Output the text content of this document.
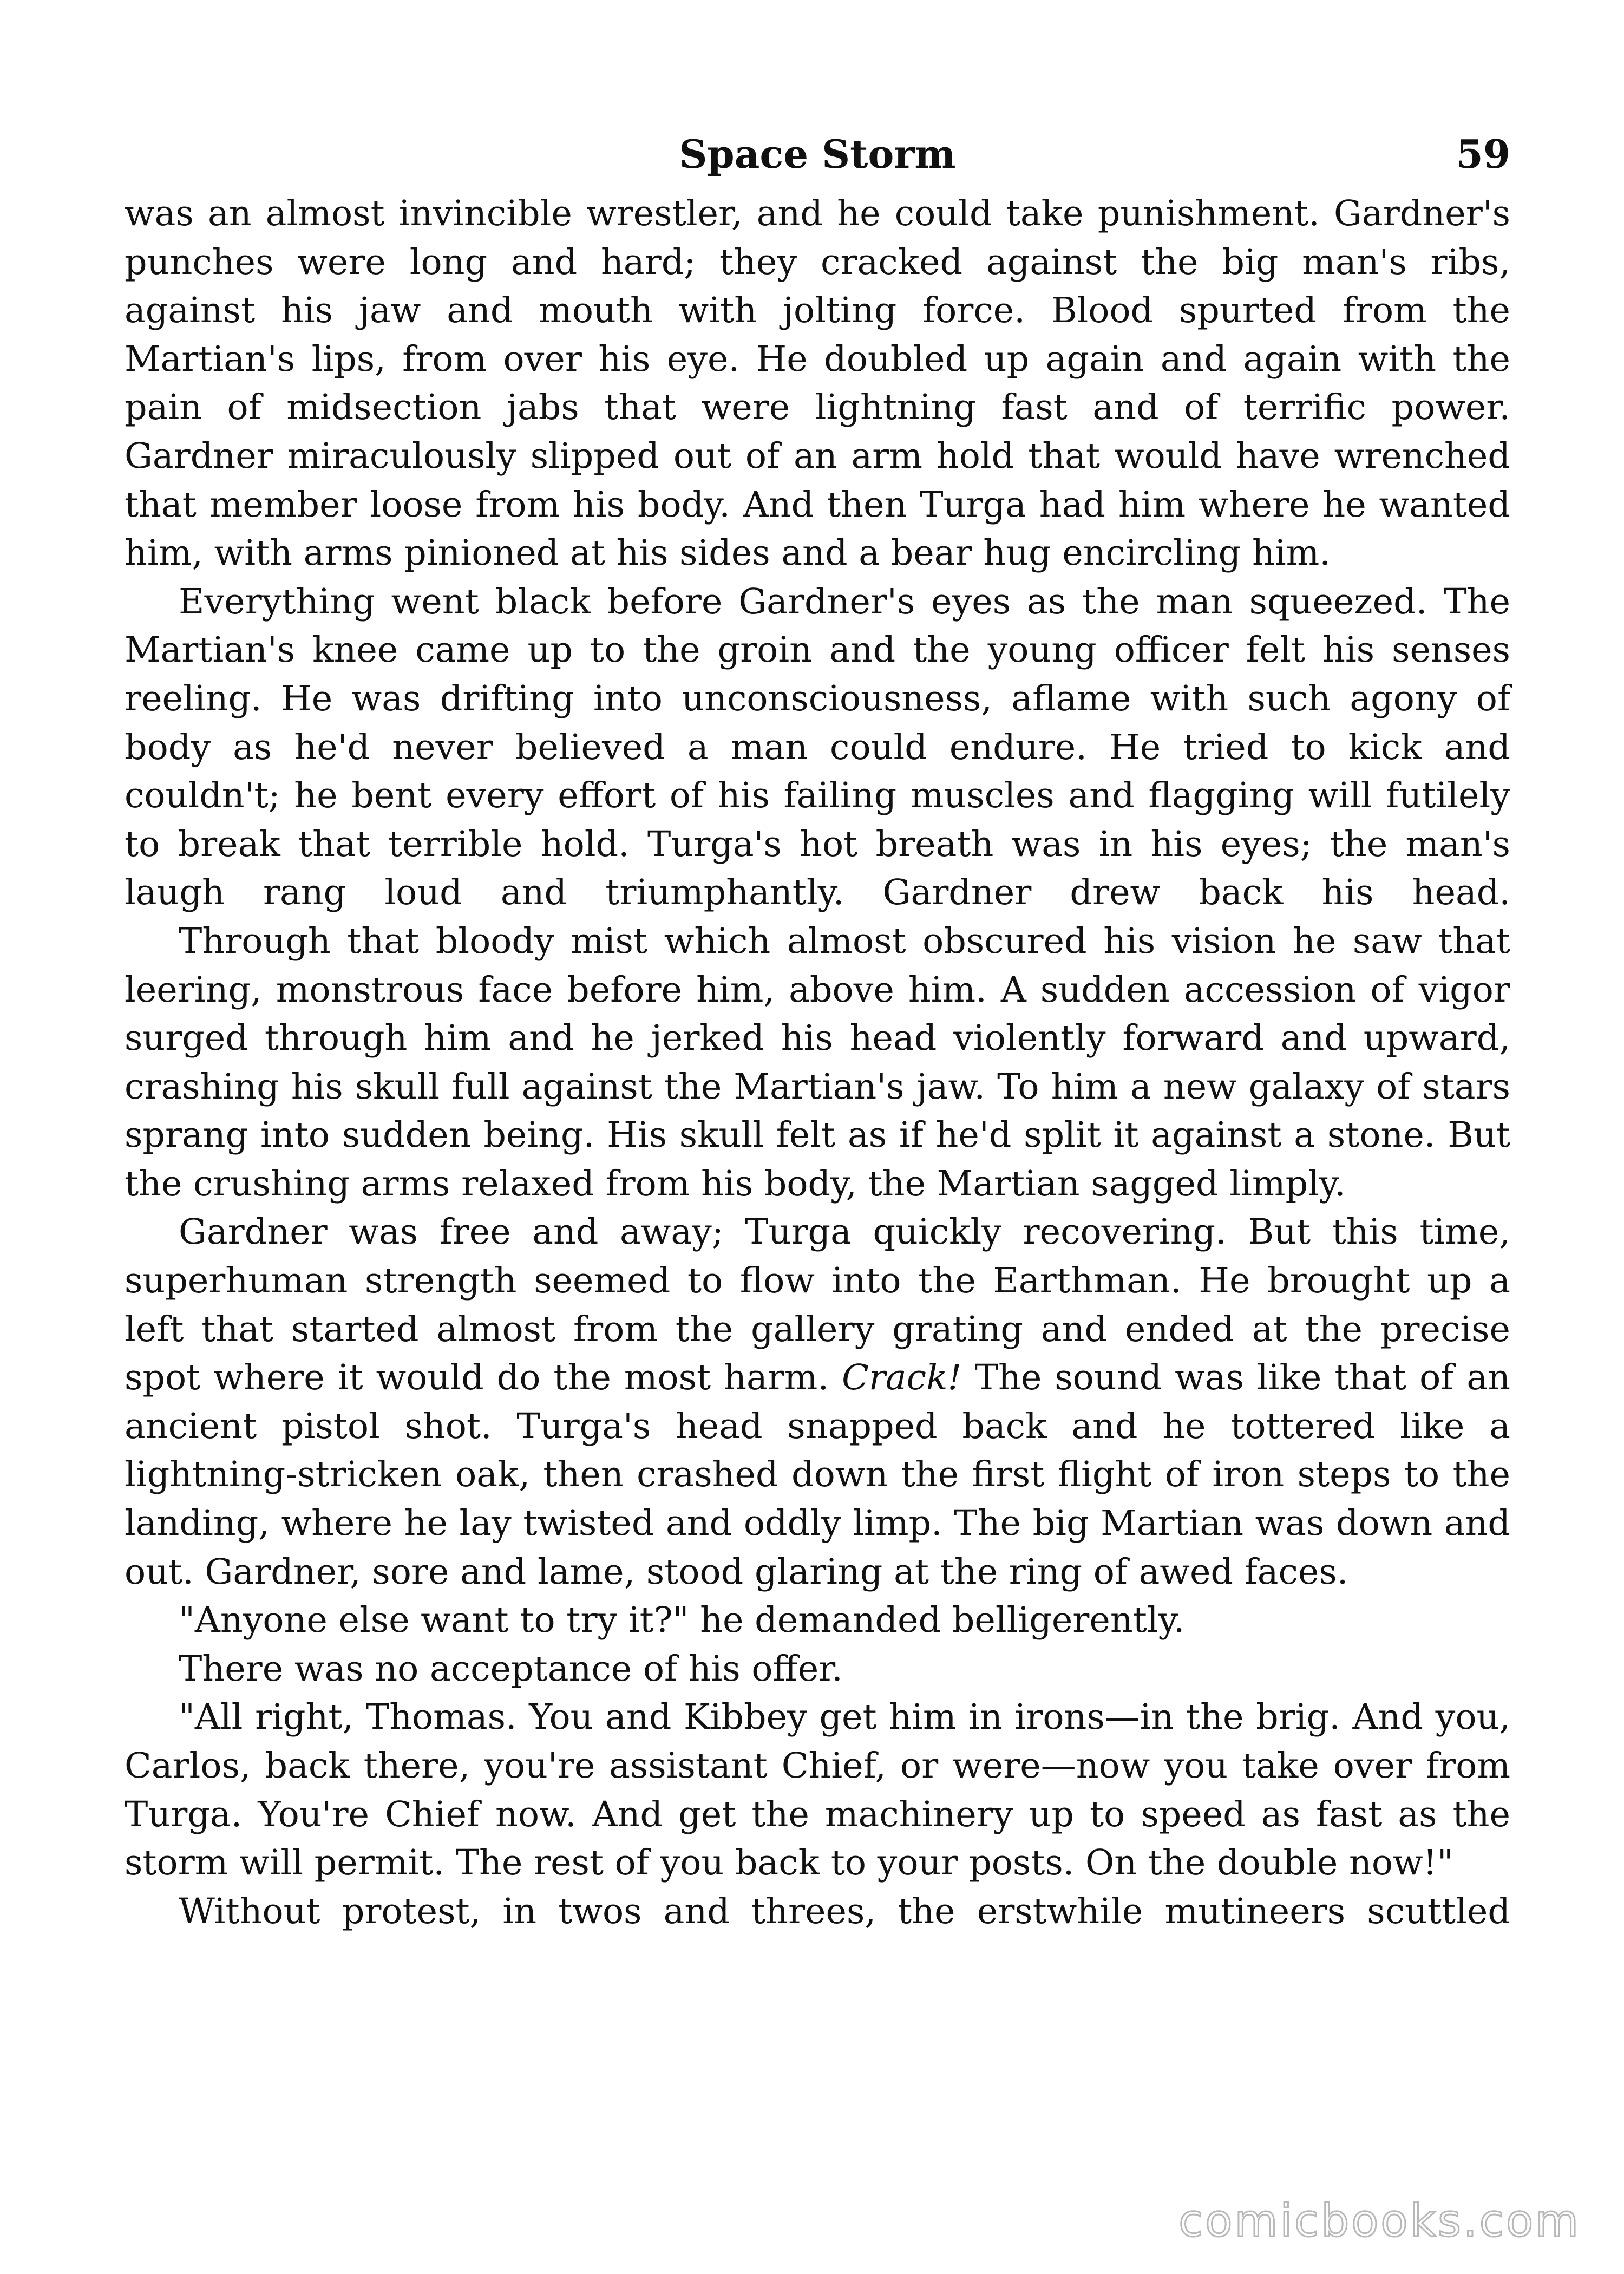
Space Storm	59

was an almost invincible wrestler, and he could take punishment. Gardner's punches were long and hard; they cracked against the big man's ribs, against his jaw and mouth with jolting force. Blood spurted from the Martian's lips, from over his eye. He doubled up again and again with the pain of midsection jabs that were lightning fast and of terrific power. Gardner miraculously slipped out of an arm hold that would have wrenched that member loose from his body. And then Turga had him where he wanted him, with arms pinioned at his sides and a bear hug encircling him.

Everything went black before Gardner's eyes as the man squeezed. The Martian's knee came up to the groin and the young officer felt his senses reeling. He was drifting into unconsciousness, aflame with such agony of body as he'd never believed a man could endure. He tried to kick and couldn't; he bent every effort of his failing muscles and flagging will futilely to break that terrible hold. Turga's hot breath was in his eyes; the man's laugh rang loud and triumphantly. Gardner drew back his head.

Through that bloody mist which almost obscured his vision he saw that leering, monstrous face before him, above him. A sudden accession of vigor surged through him and he jerked his head violently forward and upward, crashing his skull full against the Martian's jaw. To him a new galaxy of stars sprang into sudden being. His skull felt as if he'd split it against a stone. But the crushing arms relaxed from his body, the Martian sagged limply.

Gardner was free and away; Turga quickly recovering. But this time, superhuman strength seemed to flow into the Earthman. He brought up a left that started almost from the gallery grating and ended at the precise spot where it would do the most harm. Crack! The sound was like that of an ancient pistol shot. Turga's head snapped back and he tottered like a lightning-stricken oak, then crashed down the first flight of iron steps to the landing, where he lay twisted and oddly limp. The big Martian was down and out. Gardner, sore and lame, stood glaring at the ring of awed faces.

"Anyone else want to try it?" he demanded belligerently.

There was no acceptance of his offer.

"All right, Thomas. You and Kibbey get him in irons—in the brig. And you, Carlos, back there, you're assistant Chief, or were—now you take over from Turga. You're Chief now. And get the machinery up to speed as fast as the storm will permit. The rest of you back to your posts. On the double now!"

Without protest, in twos and threes, the erstwhile mutineers scuttled

comicbooks.com
